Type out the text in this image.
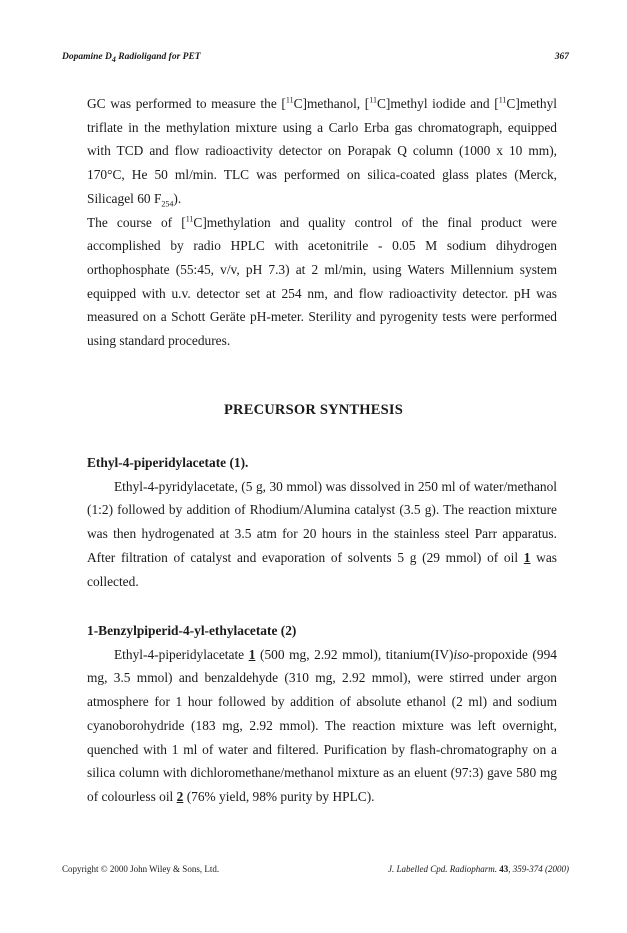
Dopamine $D_4$ Radioligand for PET	367

GC was performed to measure the [$^{11}$C]methanol, [$^{11}$C]methyl iodide and [$^{11}$C]methyl triflate in the methylation mixture using a Carlo Erba gas chromatograph, equipped with TCD and flow radioactivity detector on Porapak Q column (1000 x 10 mm), 170°C, He 50 ml/min. TLC was performed on silica-coated glass plates (Merck, Silicagel 60 $F_{254}$).

The course of [$^{11}$C]methylation and quality control of the final product were accomplished by radio HPLC with acetonitrile - 0.05 M sodium dihydrogen orthophosphate (55:45, v/v, pH 7.3) at 2 ml/min, using Waters Millennium system equipped with u.v. detector set at 254 nm, and flow radioactivity detector. pH was measured on a Schott Geräte pH-meter. Sterility and pyrogenity tests were performed using standard procedures.

PRECURSOR SYNTHESIS

Ethyl-4-piperidylacetate (1).

Ethyl-4-pyridylacetate, (5 g, 30 mmol) was dissolved in 250 ml of water/methanol (1:2) followed by addition of Rhodium/Alumina catalyst (3.5 g). The reaction mixture was then hydrogenated at 3.5 atm for 20 hours in the stainless steel Parr apparatus. After filtration of catalyst and evaporation of solvents 5 g (29 mmol) of oil 1 was collected.

1-Benzylpiperid-4-yl-ethylacetate (2)

Ethyl-4-piperidylacetate 1 (500 mg, 2.92 mmol), titanium(IV)iso-propoxide (994 mg, 3.5 mmol) and benzaldehyde (310 mg, 2.92 mmol), were stirred under argon atmosphere for 1 hour followed by addition of absolute ethanol (2 ml) and sodium cyanoborohydride (183 mg, 2.92 mmol). The reaction mixture was left overnight, quenched with 1 ml of water and filtered. Purification by flash-chromatography on a silica column with dichloromethane/methanol mixture as an eluent (97:3) gave 580 mg of colourless oil 2 (76% yield, 98% purity by HPLC).

Copyright © 2000 John Wiley & Sons, Ltd.	J. Labelled Cpd. Radiopharm. 43, 359-374 (2000)
